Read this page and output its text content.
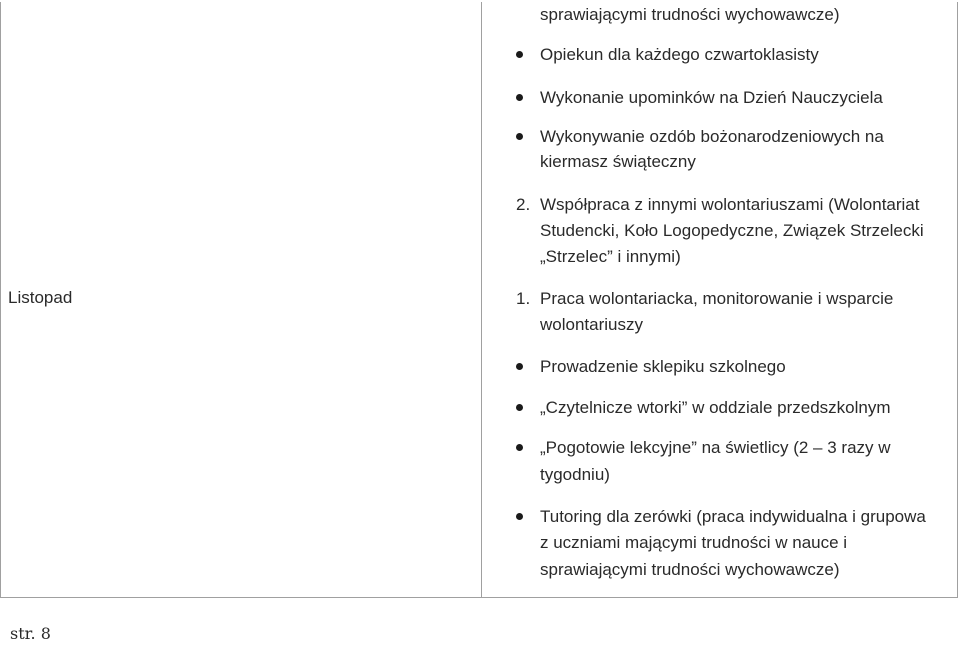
Listopad
sprawiającymi trudności wychowawcze)
Opiekun dla każdego czwartoklasisty
Wykonanie upominków na Dzień Nauczyciela
Wykonywanie ozdób bożonarodzeniowych na
kiermasz świąteczny
2. Współpraca z innymi wolontariuszami (Wolontariat
Studencki, Koło Logopedyczne, Związek Strzelecki
„Strzelec” i innymi)
1. Praca wolontariacka, monitorowanie i wsparcie
wolontariuszy
Prowadzenie sklepiku szkolnego
„Czytelnicze wtorki” w oddziale przedszkolnym
„Pogotowie lekcyjne” na świetlicy (2 – 3 razy w
tygodniu)
Tutoring dla zerówki (praca indywidualna i grupowa
z uczniami mającymi trudności w nauce i
sprawiającymi trudności wychowawcze)
str. 8
